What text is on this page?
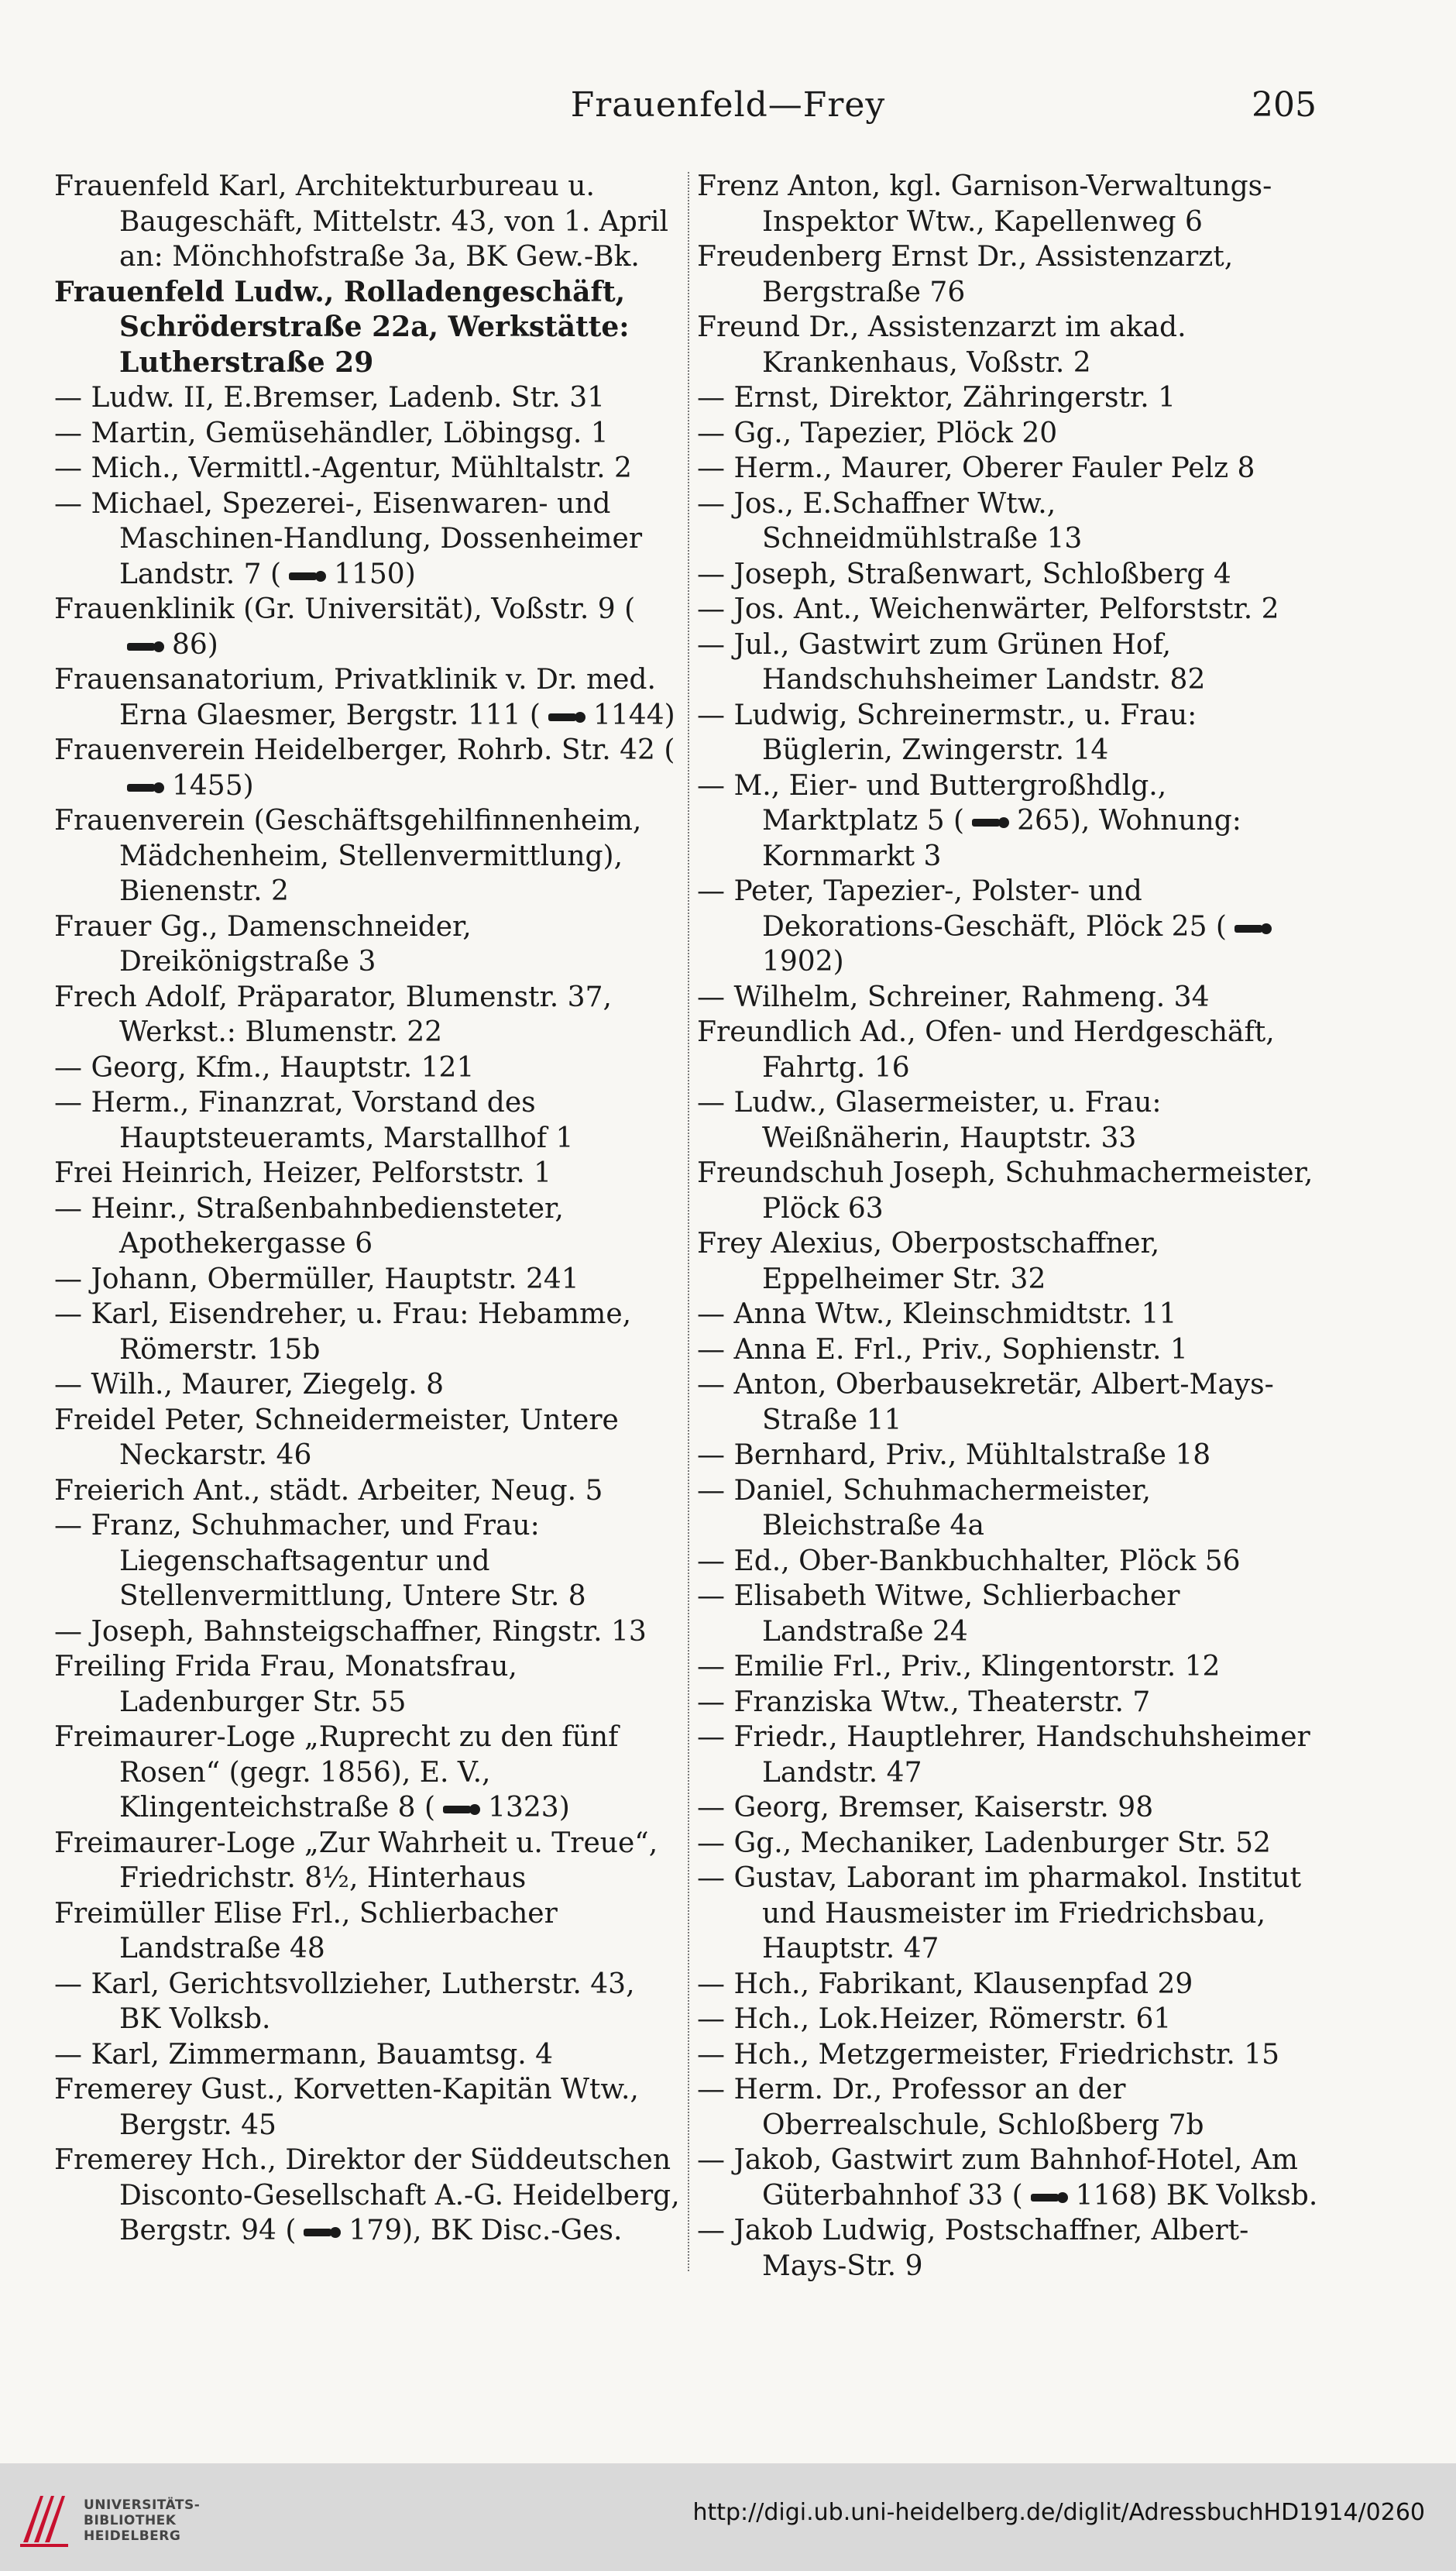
Frauenfeld—Frey	205

Frauenfeld Karl, Architekturbureau u. Baugeschäft, Mittelstr. 43, von 1. April an: Mönchhofstraße 3a, BK Gew.-Bk.

Frauenfeld Ludw., Rolladengeschäft, Schröderstraße 22a, Werkstätte: Lutherstraße 29

— Ludw. II, E.Bremser, Ladenb. Str. 31

— Martin, Gemüsehändler, Löbingsg. 1

— Mich., Vermittl.-Agentur, Mühltalstr. 2

— Michael, Spezerei-, Eisenwaren- und Maschinen-Handlung, Dossenheimer Landstr. 7 ( 1150)

Frauenklinik (Gr. Universität), Voßstr. 9 (86)

Frauensanatorium, Privatklinik v. Dr. med. Erna Glaesmer, Bergstr. 111 ( 1144)

Frauenverein Heidelberger, Rohrb. Str. 42 (1455)

Frauenverein (Geschäftsgehilfinnenheim, Mädchenheim, Stellenvermittlung), Bienenstr. 2

Frauer Gg., Damenschneider, Dreikönigstraße 3

Frech Adolf, Präparator, Blumenstr. 37, Werkst.: Blumenstr. 22

— Georg, Kfm., Hauptstr. 121

— Herm., Finanzrat, Vorstand des Hauptsteueramts, Marstallhof 1

Frei Heinrich, Heizer, Pelforststr. 1

— Heinr., Straßenbahnbediensteter, Apothekergasse 6

— Johann, Obermüller, Hauptstr. 241

— Karl, Eisendreher, u. Frau: Hebamme, Römerstr. 15b

— Wilh., Maurer, Ziegelg. 8

Freidel Peter, Schneidermeister, Untere Neckarstr. 46

Freierich Ant., städt. Arbeiter, Neug. 5

— Franz, Schuhmacher, und Frau: Liegenschaftsagentur und Stellenvermittlung, Untere Str. 8

— Joseph, Bahnsteigschaffner, Ringstr. 13

Freiling Frida Frau, Monatsfrau, Ladenburger Str. 55

Freimaurer-Loge „Ruprecht zu den fünf Rosen“ (gegr. 1856), E. V., Klingenteichstraße 8 ( 1323)

Freimaurer-Loge „Zur Wahrheit u. Treue“, Friedrichstr. 8½, Hinterhaus

Freimüller Elise Frl., Schlierbacher Landstraße 48

— Karl, Gerichtsvollzieher, Lutherstr. 43, BK Volksb.

— Karl, Zimmermann, Bauamtsg. 4

Fremerey Gust., Korvetten-Kapitän Wtw., Bergstr. 45

Fremerey Hch., Direktor der Süddeutschen Disconto-Gesellschaft A.-G. Heidelberg, Bergstr. 94 ( 179), BK Disc.-Ges.

Frenz Anton, kgl. Garnison-Verwaltungs-Inspektor Wtw., Kapellenweg 6

Freudenberg Ernst Dr., Assistenzarzt, Bergstraße 76

Freund Dr., Assistenzarzt im akad. Krankenhaus, Voßstr. 2

— Ernst, Direktor, Zähringerstr. 1

— Gg., Tapezier, Plöck 20

— Herm., Maurer, Oberer Fauler Pelz 8

— Jos., E.Schaffner Wtw., Schneidmühlstraße 13

— Joseph, Straßenwart, Schloßberg 4

— Jos. Ant., Weichenwärter, Pelforststr. 2

— Jul., Gastwirt zum Grünen Hof, Handschuhsheimer Landstr. 82

— Ludwig, Schreinermstr., u. Frau: Büglerin, Zwingerstr. 14

— M., Eier- und Buttergroßhdlg., Marktplatz 5 ( 265), Wohnung: Kornmarkt 3

— Peter, Tapezier-, Polster- und Dekorations-Geschäft, Plöck 25 (1902)

— Wilhelm, Schreiner, Rahmeng. 34

Freundlich Ad., Ofen- und Herdgeschäft, Fahrtg. 16

— Ludw., Glasermeister, u. Frau: Weißnäherin, Hauptstr. 33

Freundschuh Joseph, Schuhmachermeister, Plöck 63

Frey Alexius, Oberpostschaffner, Eppelheimer Str. 32

— Anna Wtw., Kleinschmidtstr. 11

— Anna E. Frl., Priv., Sophienstr. 1

— Anton, Oberbausekretär, Albert-Mays-Straße 11

— Bernhard, Priv., Mühltalstraße 18

— Daniel, Schuhmachermeister, Bleichstraße 4a

— Ed., Ober-Bankbuchhalter, Plöck 56

— Elisabeth Witwe, Schlierbacher Landstraße 24

— Emilie Frl., Priv., Klingentorstr. 12

— Franziska Wtw., Theaterstr. 7

— Friedr., Hauptlehrer, Handschuhsheimer Landstr. 47

— Georg, Bremser, Kaiserstr. 98

— Gg., Mechaniker, Ladenburger Str. 52

— Gustav, Laborant im pharmakol. Institut und Hausmeister im Friedrichsbau, Hauptstr. 47

— Hch., Fabrikant, Klausenpfad 29

— Hch., Lok.Heizer, Römerstr. 61

— Hch., Metzgermeister, Friedrichstr. 15

— Herm. Dr., Professor an der Oberrealschule, Schloßberg 7b

— Jakob, Gastwirt zum Bahnhof-Hotel, Am Güterbahnhof 33 ( 1168) BK Volksb.

— Jakob Ludwig, Postschaffner, Albert-Mays-Str. 9

UNIVERSITÄTS-
BIBLIOTHEK
HEIDELBERG
http://digi.ub.uni-heidelberg.de/diglit/AdressbuchHD1914/0260
